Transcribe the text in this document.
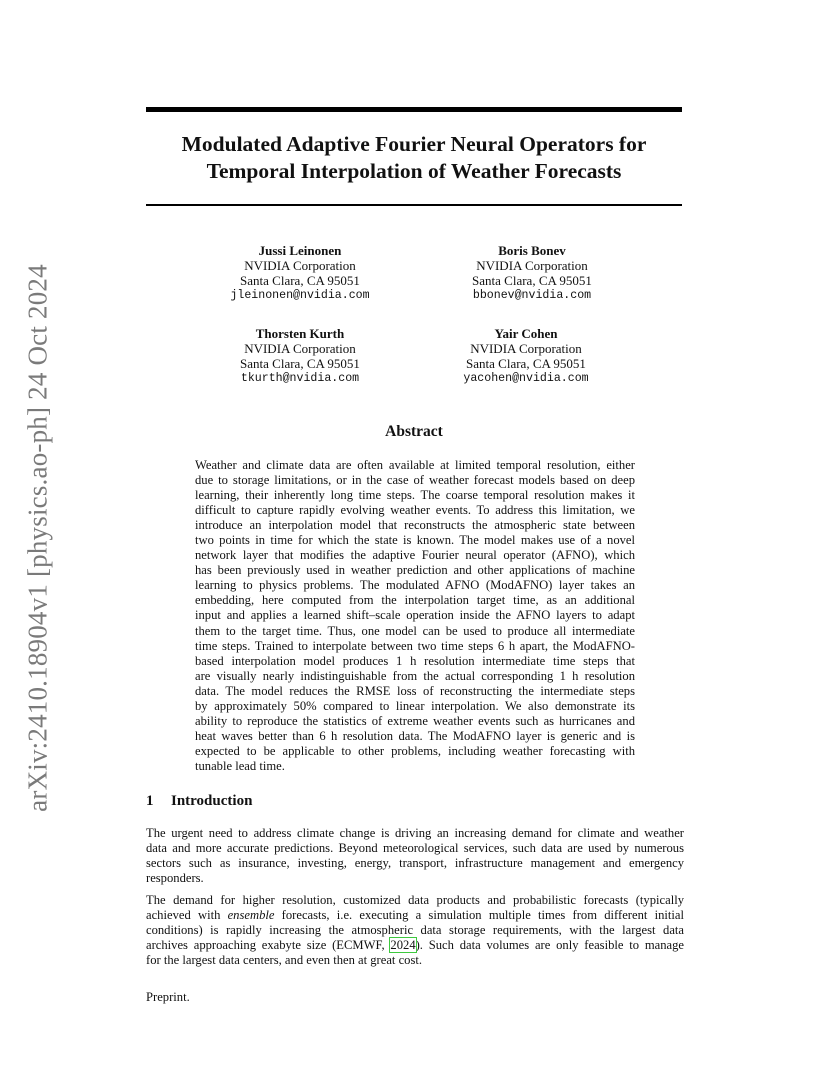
arXiv:2410.18904v1 [physics.ao-ph] 24 Oct 2024
Modulated Adaptive Fourier Neural Operators for
Temporal Interpolation of Weather Forecasts
Jussi Leinonen
NVIDIA Corporation
Santa Clara, CA 95051
jleinonen@nvidia.com
Boris Bonev
NVIDIA Corporation
Santa Clara, CA 95051
bbonev@nvidia.com
Thorsten Kurth
NVIDIA Corporation
Santa Clara, CA 95051
tkurth@nvidia.com
Yair Cohen
NVIDIA Corporation
Santa Clara, CA 95051
yacohen@nvidia.com
Abstract
Weather and climate data are often available at limited temporal resolution, either
due to storage limitations, or in the case of weather forecast models based on deep
learning, their inherently long time steps. The coarse temporal resolution makes it
difficult to capture rapidly evolving weather events. To address this limitation, we
introduce an interpolation model that reconstructs the atmospheric state between
two points in time for which the state is known. The model makes use of a novel
network layer that modifies the adaptive Fourier neural operator (AFNO), which
has been previously used in weather prediction and other applications of machine
learning to physics problems. The modulated AFNO (ModAFNO) layer takes an
embedding, here computed from the interpolation target time, as an additional
input and applies a learned shift–scale operation inside the AFNO layers to adapt
them to the target time. Thus, one model can be used to produce all intermediate
time steps. Trained to interpolate between two time steps 6 h apart, the ModAFNO-
based interpolation model produces 1 h resolution intermediate time steps that
are visually nearly indistinguishable from the actual corresponding 1 h resolution
data. The model reduces the RMSE loss of reconstructing the intermediate steps
by approximately 50% compared to linear interpolation. We also demonstrate its
ability to reproduce the statistics of extreme weather events such as hurricanes and
heat waves better than 6 h resolution data. The ModAFNO layer is generic and is
expected to be applicable to other problems, including weather forecasting with
tunable lead time.
1 Introduction
The urgent need to address climate change is driving an increasing demand for climate and weather
data and more accurate predictions. Beyond meteorological services, such data are used by numerous
sectors such as insurance, investing, energy, transport, infrastructure management and emergency
responders.
The demand for higher resolution, customized data products and probabilistic forecasts (typically
achieved with ensemble forecasts, i.e. executing a simulation multiple times from different initial
conditions) is rapidly increasing the atmospheric data storage requirements, with the largest data
archives approaching exabyte size (ECMWF, 2024). Such data volumes are only feasible to manage
for the largest data centers, and even then at great cost.
Preprint.
